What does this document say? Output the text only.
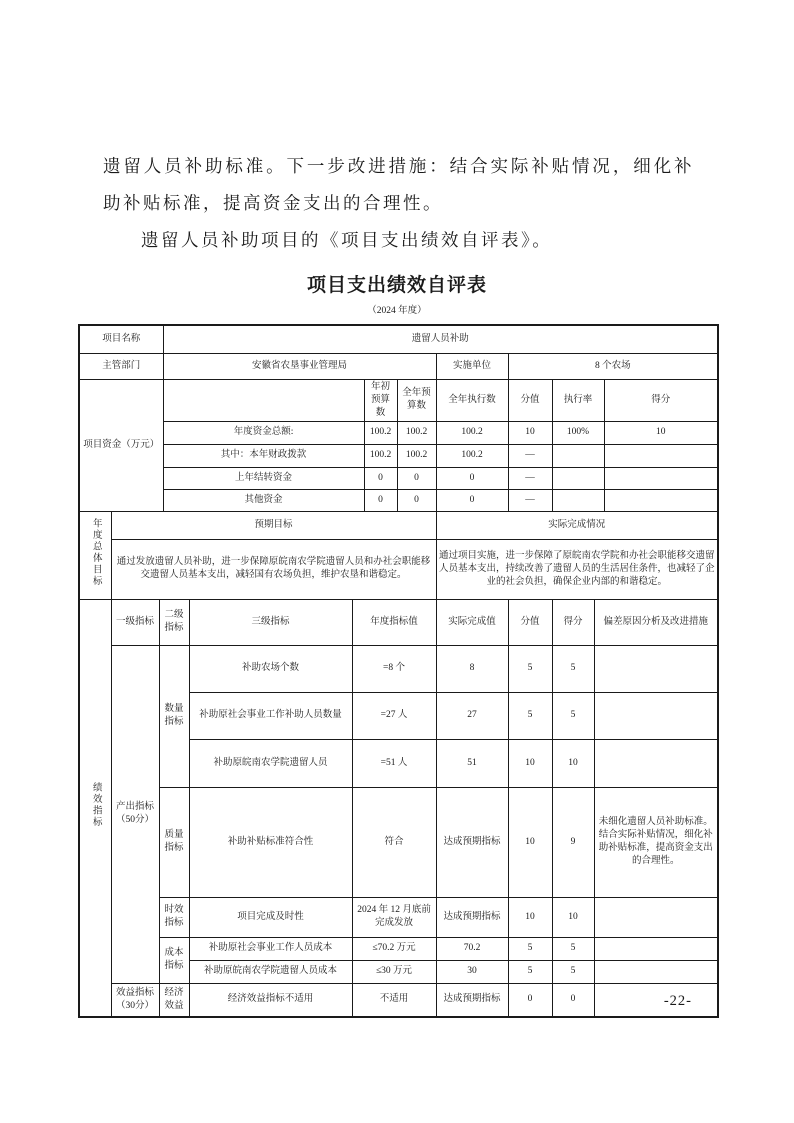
遗留人员补助标准。下一步改进措施：结合实际补贴情况，细化补助补贴标准，提高资金支出的合理性。

遗留人员补助项目的《项目支出绩效自评表》。

项目支出绩效自评表
（2024 年度）
项目名称			遗留人员补助									
主管部门			安徽省农垦事业管理局					实施单位	8 个农场			
项目资金（万元）						年初预算数	全年预算数	全年执行数	分值	执行率		得分
			年度资金总额:			100.2	100.2	100.2	10	100%		10
			其中：本年财政拨款			100.2	100.2	100.2	—			
			上年结转资金			0	0	0	—			
			其他资金			0	0	0	—			
年度总体目标	预期目标							实际完成情况				
	通过发放遗留人员补助，进一步保障原皖南农学院遗留人员和办社会职能移交遗留人员基本支出，减轻国有农场负担，维护农垦和谐稳定。							通过项目实施，进一步保障了原皖南农学院和办社会职能移交遗留人员基本支出，持续改善了遗留人员的生活居住条件，也减轻了企业的社会负担，确保企业内部的和谐稳定。				
绩效指标	一级指标	二级指标		三级指标	年度指标值			实际完成值	分值	得分	偏差原因分析及改进措施	
	产出指标（50分）	数量指标		补助农场个数	=8 个			8	5	5		
				补助原社会事业工作补助人员数量	=27 人			27	5	5		
				补助原皖南农学院遗留人员	=51 人			51	10	10		
		质量指标		补助补贴标准符合性	符合			达成预期指标	10	9	未细化遗留人员补助标准。结合实际补贴情况，细化补助补贴标准，提高资金支出的合理性。	
		时效指标		项目完成及时性	2024 年 12 月底前完成发放			达成预期指标	10	10		
		成本指标		补助原社会事业工作人员成本	≤70.2 万元			70.2	5	5		
				补助原皖南农学院遗留人员成本	≤30 万元			30	5	5		
	效益指标（30分）	经济效益		经济效益指标不适用	不适用			达成预期指标	0	0			-22-
